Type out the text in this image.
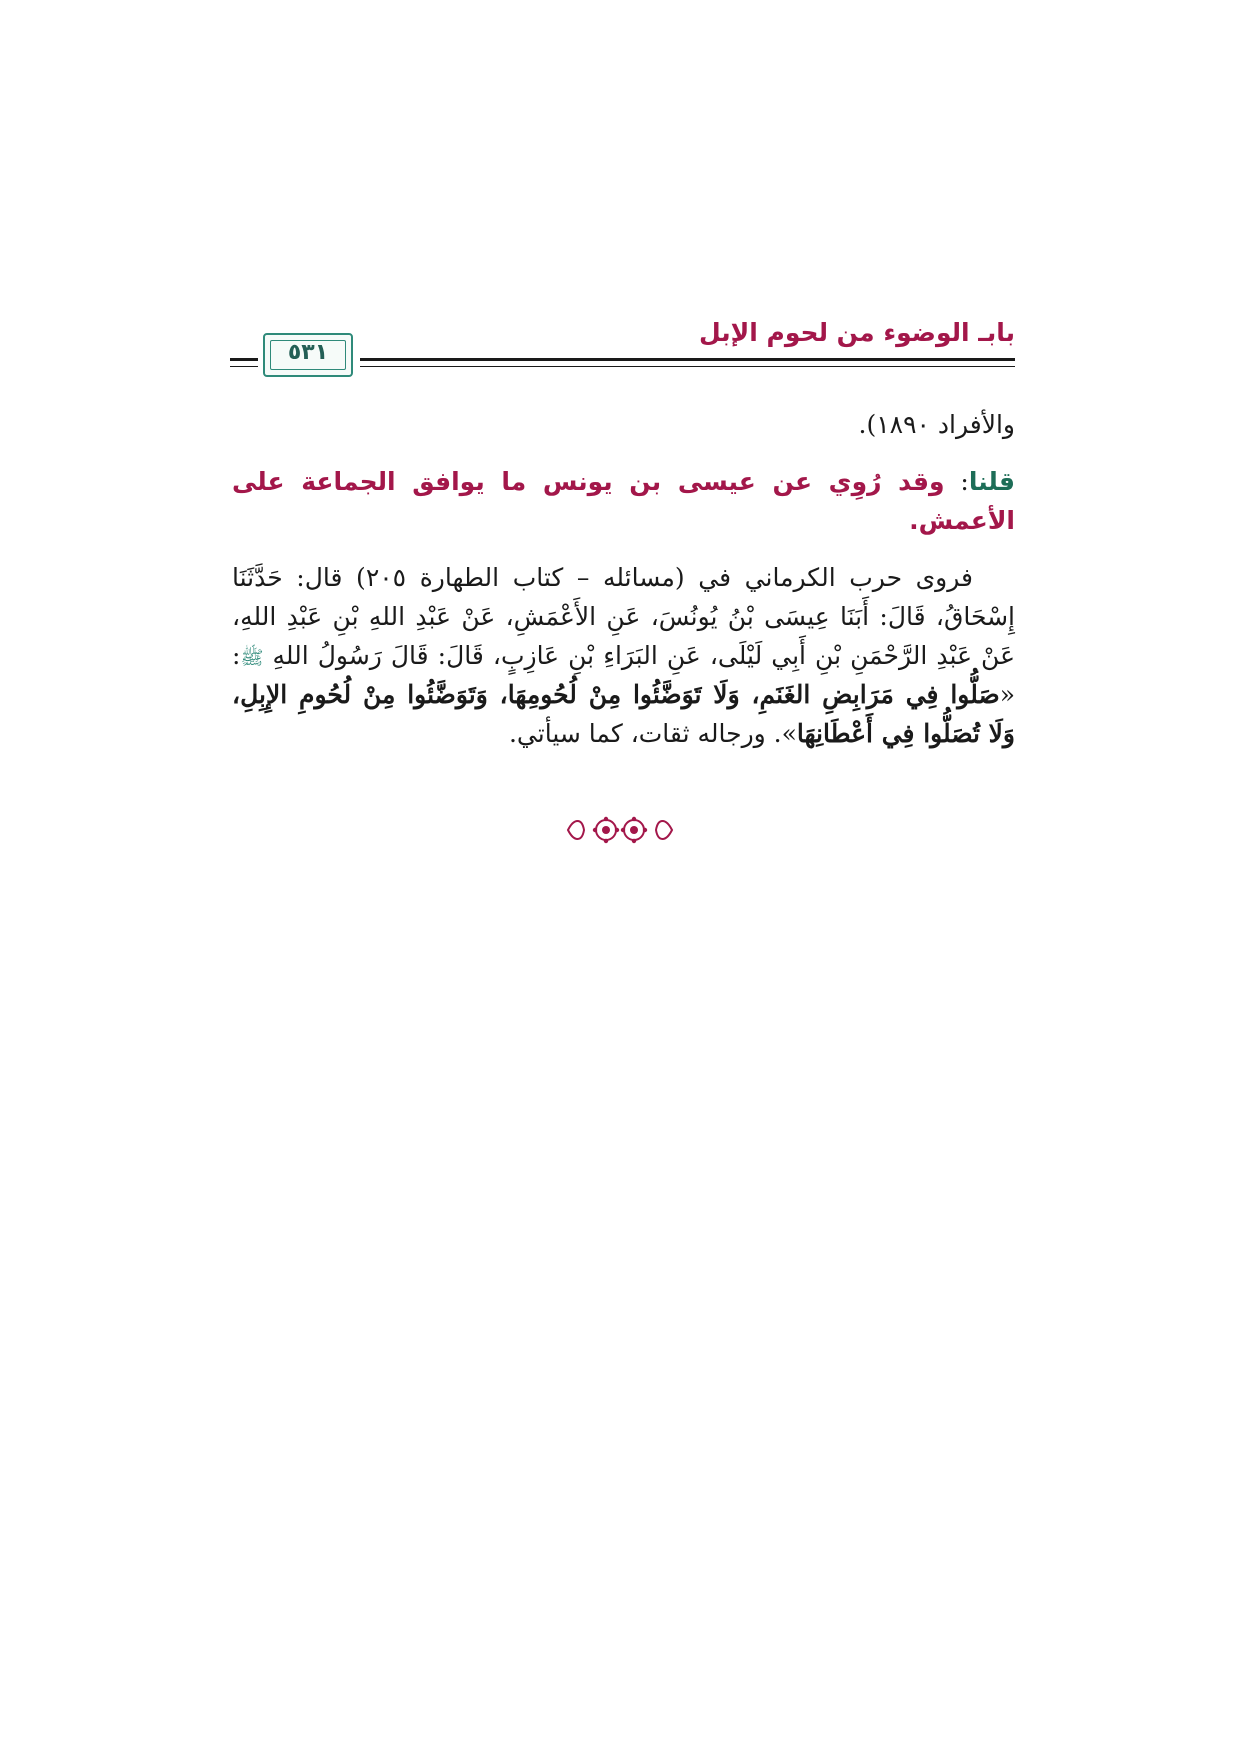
بابـ الوضوء من لحوم الإبل
٥٣١

والأفراد ١٨٩٠).

قلنا: وقد رُوِي عن عيسى بن يونس ما يوافق الجماعة على الأعمش.

فروى حرب الكرماني في (مسائله – كتاب الطهارة ٢٠٥) قال: حَدَّثَنَا إِسْحَاقُ، قَالَ: أَبَنَا عِيسَى بْنُ يُونُسَ، عَنِ الأَعْمَشِ، عَنْ عَبْدِ اللهِ بْنِ عَبْدِ اللهِ، عَنْ عَبْدِ الرَّحْمَنِ بْنِ أَبِي لَيْلَى، عَنِ البَرَاءِ بْنِ عَازِبٍ، قَالَ: قَالَ رَسُولُ اللهِ ﷺ: «صَلُّوا فِي مَرَابِضِ الغَنَمِ، وَلَا تَوَضَّئُوا مِنْ لُحُومِهَا، وَتَوَضَّئُوا مِنْ لُحُومِ الإِبِلِ، وَلَا تُصَلُّوا فِي أَعْطَانِهَا». ورجاله ثقات، كما سيأتي.
